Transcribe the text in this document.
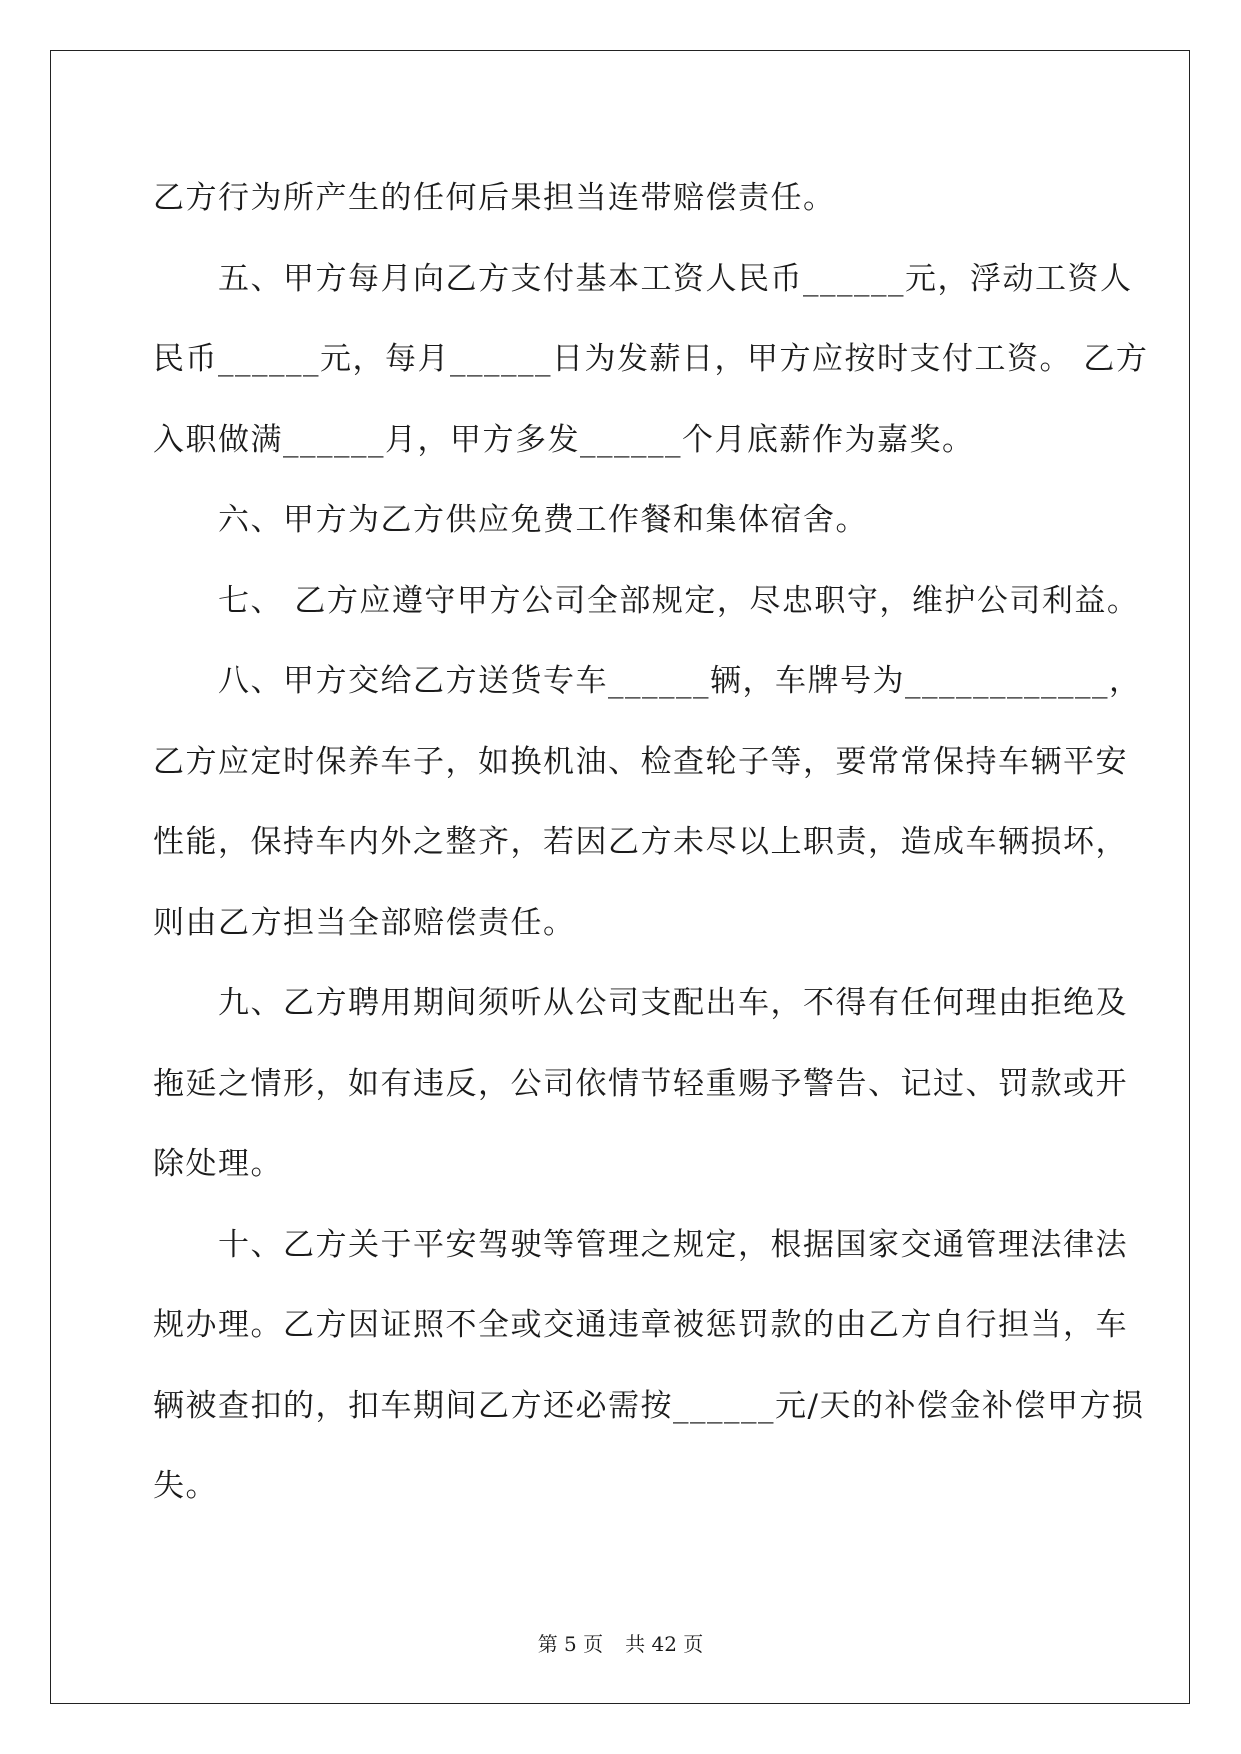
乙方行为所产生的任何后果担当连带赔偿责任。
　　五、甲方每月向乙方支付基本工资人民币______元，浮动工资人
民币______元，每月______日为发薪日，甲方应按时支付工资。 乙方
入职做满______月，甲方多发______个月底薪作为嘉奖。
　　六、甲方为乙方供应免费工作餐和集体宿舍。
　　七、 乙方应遵守甲方公司全部规定，尽忠职守，维护公司利益。
　　八、甲方交给乙方送货专车______辆，车牌号为____________，
乙方应定时保养车子，如换机油、检查轮子等，要常常保持车辆平安
性能，保持车内外之整齐，若因乙方未尽以上职责，造成车辆损坏，
则由乙方担当全部赔偿责任。
　　九、乙方聘用期间须听从公司支配出车，不得有任何理由拒绝及
拖延之情形，如有违反，公司依情节轻重赐予警告、记过、罚款或开
除处理。
　　十、乙方关于平安驾驶等管理之规定，根据国家交通管理法律法
规办理。乙方因证照不全或交通违章被惩罚款的由乙方自行担当，车
辆被查扣的，扣车期间乙方还必需按______元/天的补偿金补偿甲方损
失。
第 5 页 共 42 页
